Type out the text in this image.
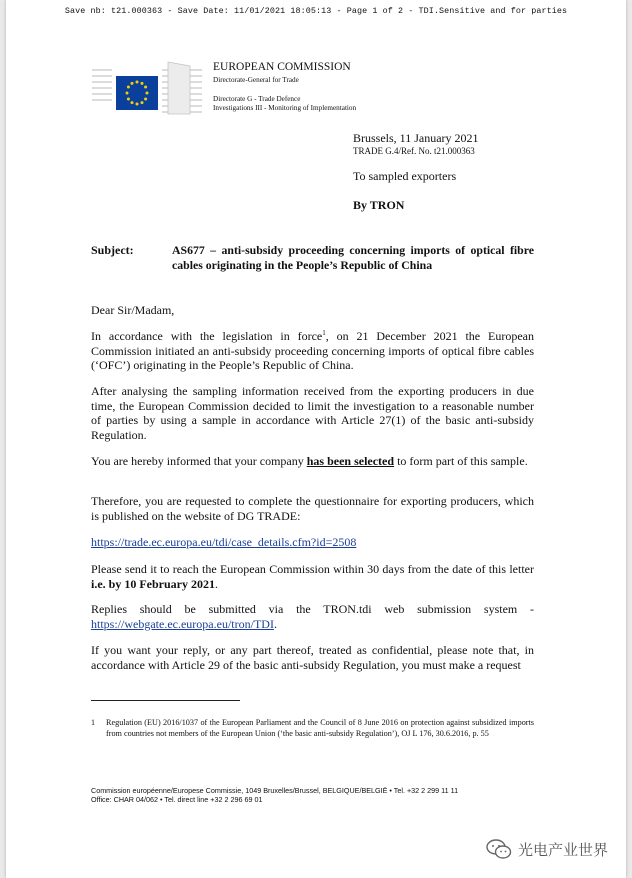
Save nb: t21.000363 - Save Date: 11/01/2021 18:05:13 - Page 1 of 2 - TDI.Sensitive and for parties
EUROPEAN COMMISSION
Directorate-General for Trade
Directorate G - Trade Defence
Investigations III - Monitoring of Implementation
Brussels, 11 January 2021
TRADE G.4/Ref. No. t21.000363
To sampled exporters
By TRON
Subject:	AS677 – anti-subsidy proceeding concerning imports of optical fibre cables originating in the People’s Republic of China
Dear Sir/Madam,
In accordance with the legislation in force$^1$, on 21 December 2021 the European Commission initiated an anti-subsidy proceeding concerning imports of optical fibre cables (‘OFC’) originating in the People’s Republic of China.
After analysing the sampling information received from the exporting producers in due time, the European Commission decided to limit the investigation to a reasonable number of parties by using a sample in accordance with Article 27(1) of the basic anti-subsidy Regulation.
You are hereby informed that your company has been selected to form part of this sample.
Therefore, you are requested to complete the questionnaire for exporting producers, which is published on the website of DG TRADE:
https://trade.ec.europa.eu/tdi/case_details.cfm?id=2508
Please send it to reach the European Commission within 30 days from the date of this letter i.e. by 10 February 2021.
Replies should be submitted via the TRON.tdi web submission system - https://webgate.ec.europa.eu/tron/TDI.
If you want your reply, or any part thereof, treated as confidential, please note that, in accordance with Article 29 of the basic anti-subsidy Regulation, you must make a request
1 Regulation (EU) 2016/1037 of the European Parliament and the Council of 8 June 2016 on protection against subsidized imports from countries not members of the European Union (‘the basic anti-subsidy Regulation’), OJ L 176, 30.6.2016, p. 55
Commission européenne/Europese Commissie, 1049 Bruxelles/Brussel, BELGIQUE/BELGIË • Tel. +32 2 299 11 11
Office: CHAR 04/062 • Tel. direct line +32 2 296 69 01
光电产业世界
